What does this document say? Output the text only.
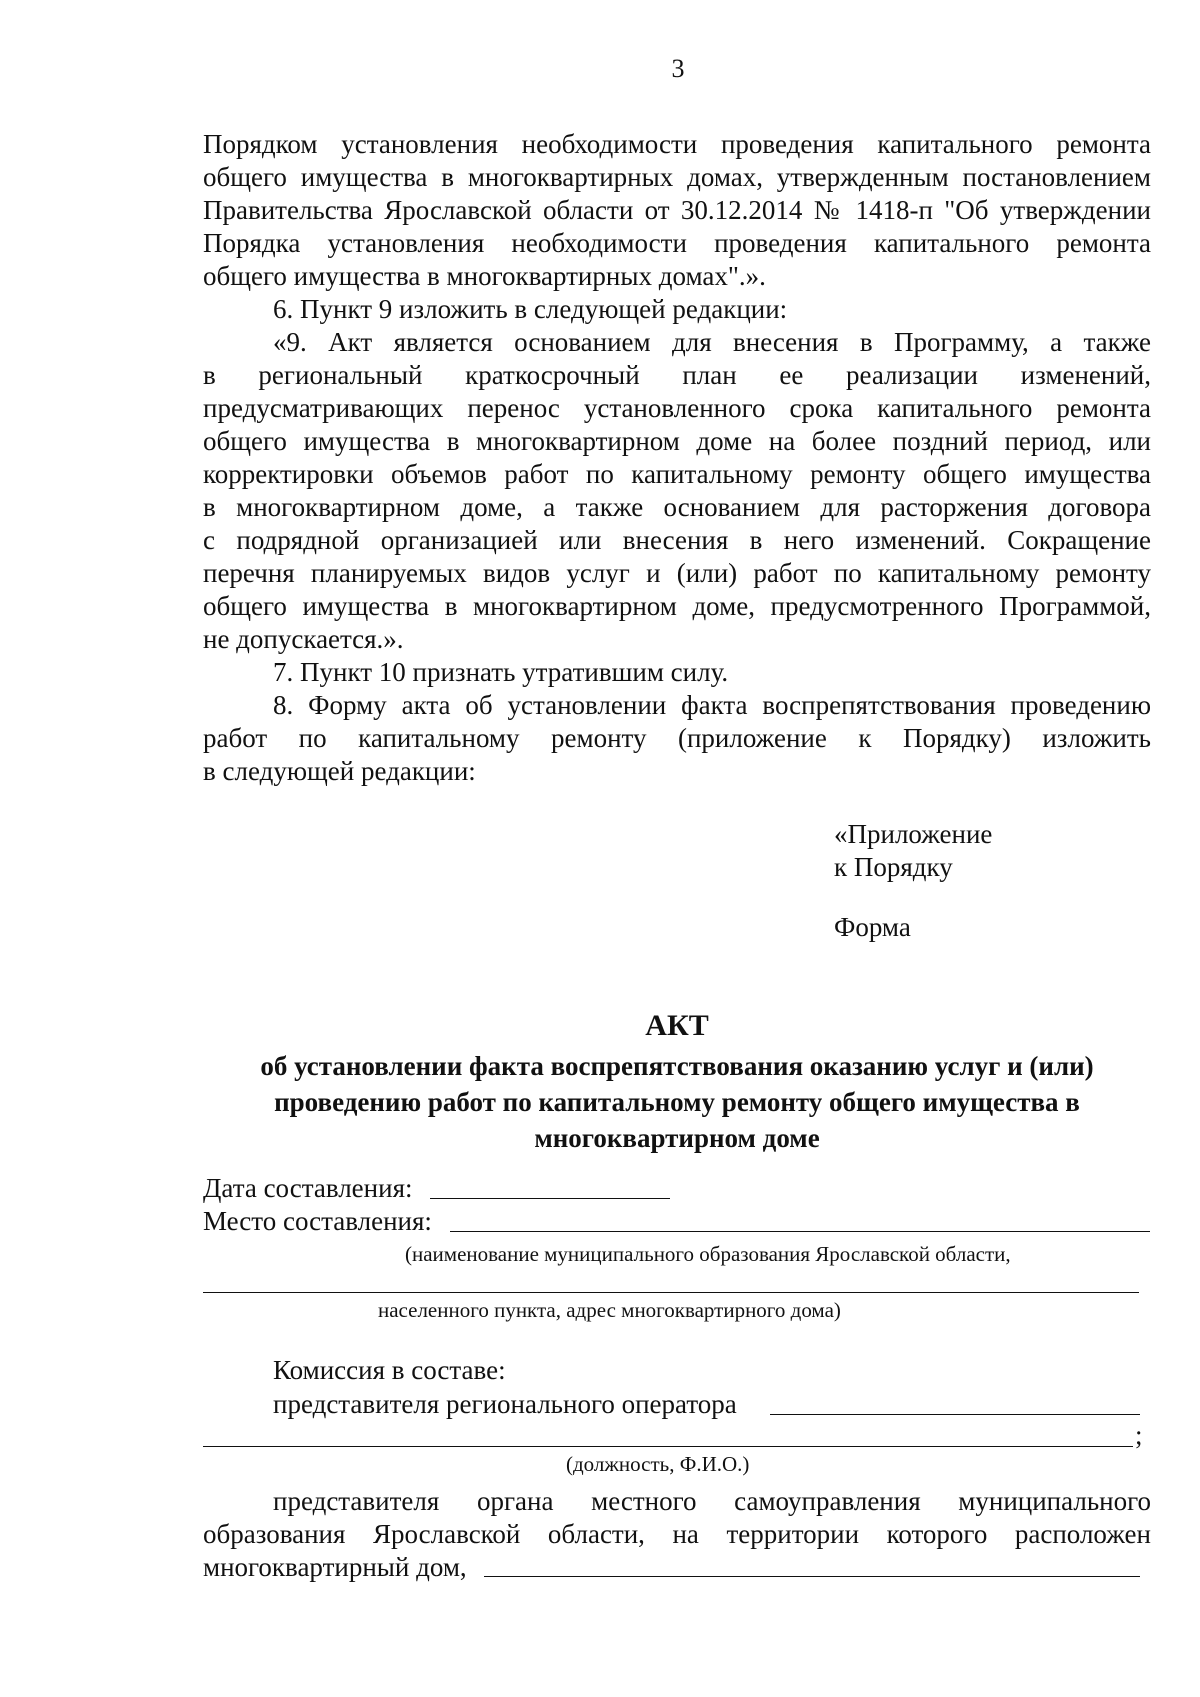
3
Порядком установления необходимости проведения капитального ремонта
общего имущества в многоквартирных домах, утвержденным постановлением
Правительства Ярославской области от 30.12.2014 № 1418-п "Об утверждении
Порядка установления необходимости проведения капитального ремонта
общего имущества в многоквартирных домах".».
6. Пункт 9 изложить в следующей редакции:
«9. Акт является основанием для внесения в Программу, а также
в региональный краткосрочный план ее реализации изменений,
предусматривающих перенос установленного срока капитального ремонта
общего имущества в многоквартирном доме на более поздний период, или
корректировки объемов работ по капитальному ремонту общего имущества
в многоквартирном доме, а также основанием для расторжения договора
с подрядной организацией или внесения в него изменений. Сокращение
перечня планируемых видов услуг и (или) работ по капитальному ремонту
общего имущества в многоквартирном доме, предусмотренного Программой,
не допускается.».
7. Пункт 10 признать утратившим силу.
8. Форму акта об установлении факта воспрепятствования проведению
работ по капитальному ремонту (приложение к Порядку) изложить
в следующей редакции:
«Приложение
к Порядку
Форма
АКТ
об установлении факта воспрепятствования оказанию услуг и (или)
проведению работ по капитальному ремонту общего имущества в
многоквартирном доме
Дата составления:
Место составления:
(наименование муниципального образования Ярославской области,
населенного пункта, адрес многоквартирного дома)
Комиссия в составе:
представителя регионального оператора
;
(должность, Ф.И.О.)
представителя органа местного самоуправления муниципального
образования Ярославской области, на территории которого расположен
многоквартирный дом,
